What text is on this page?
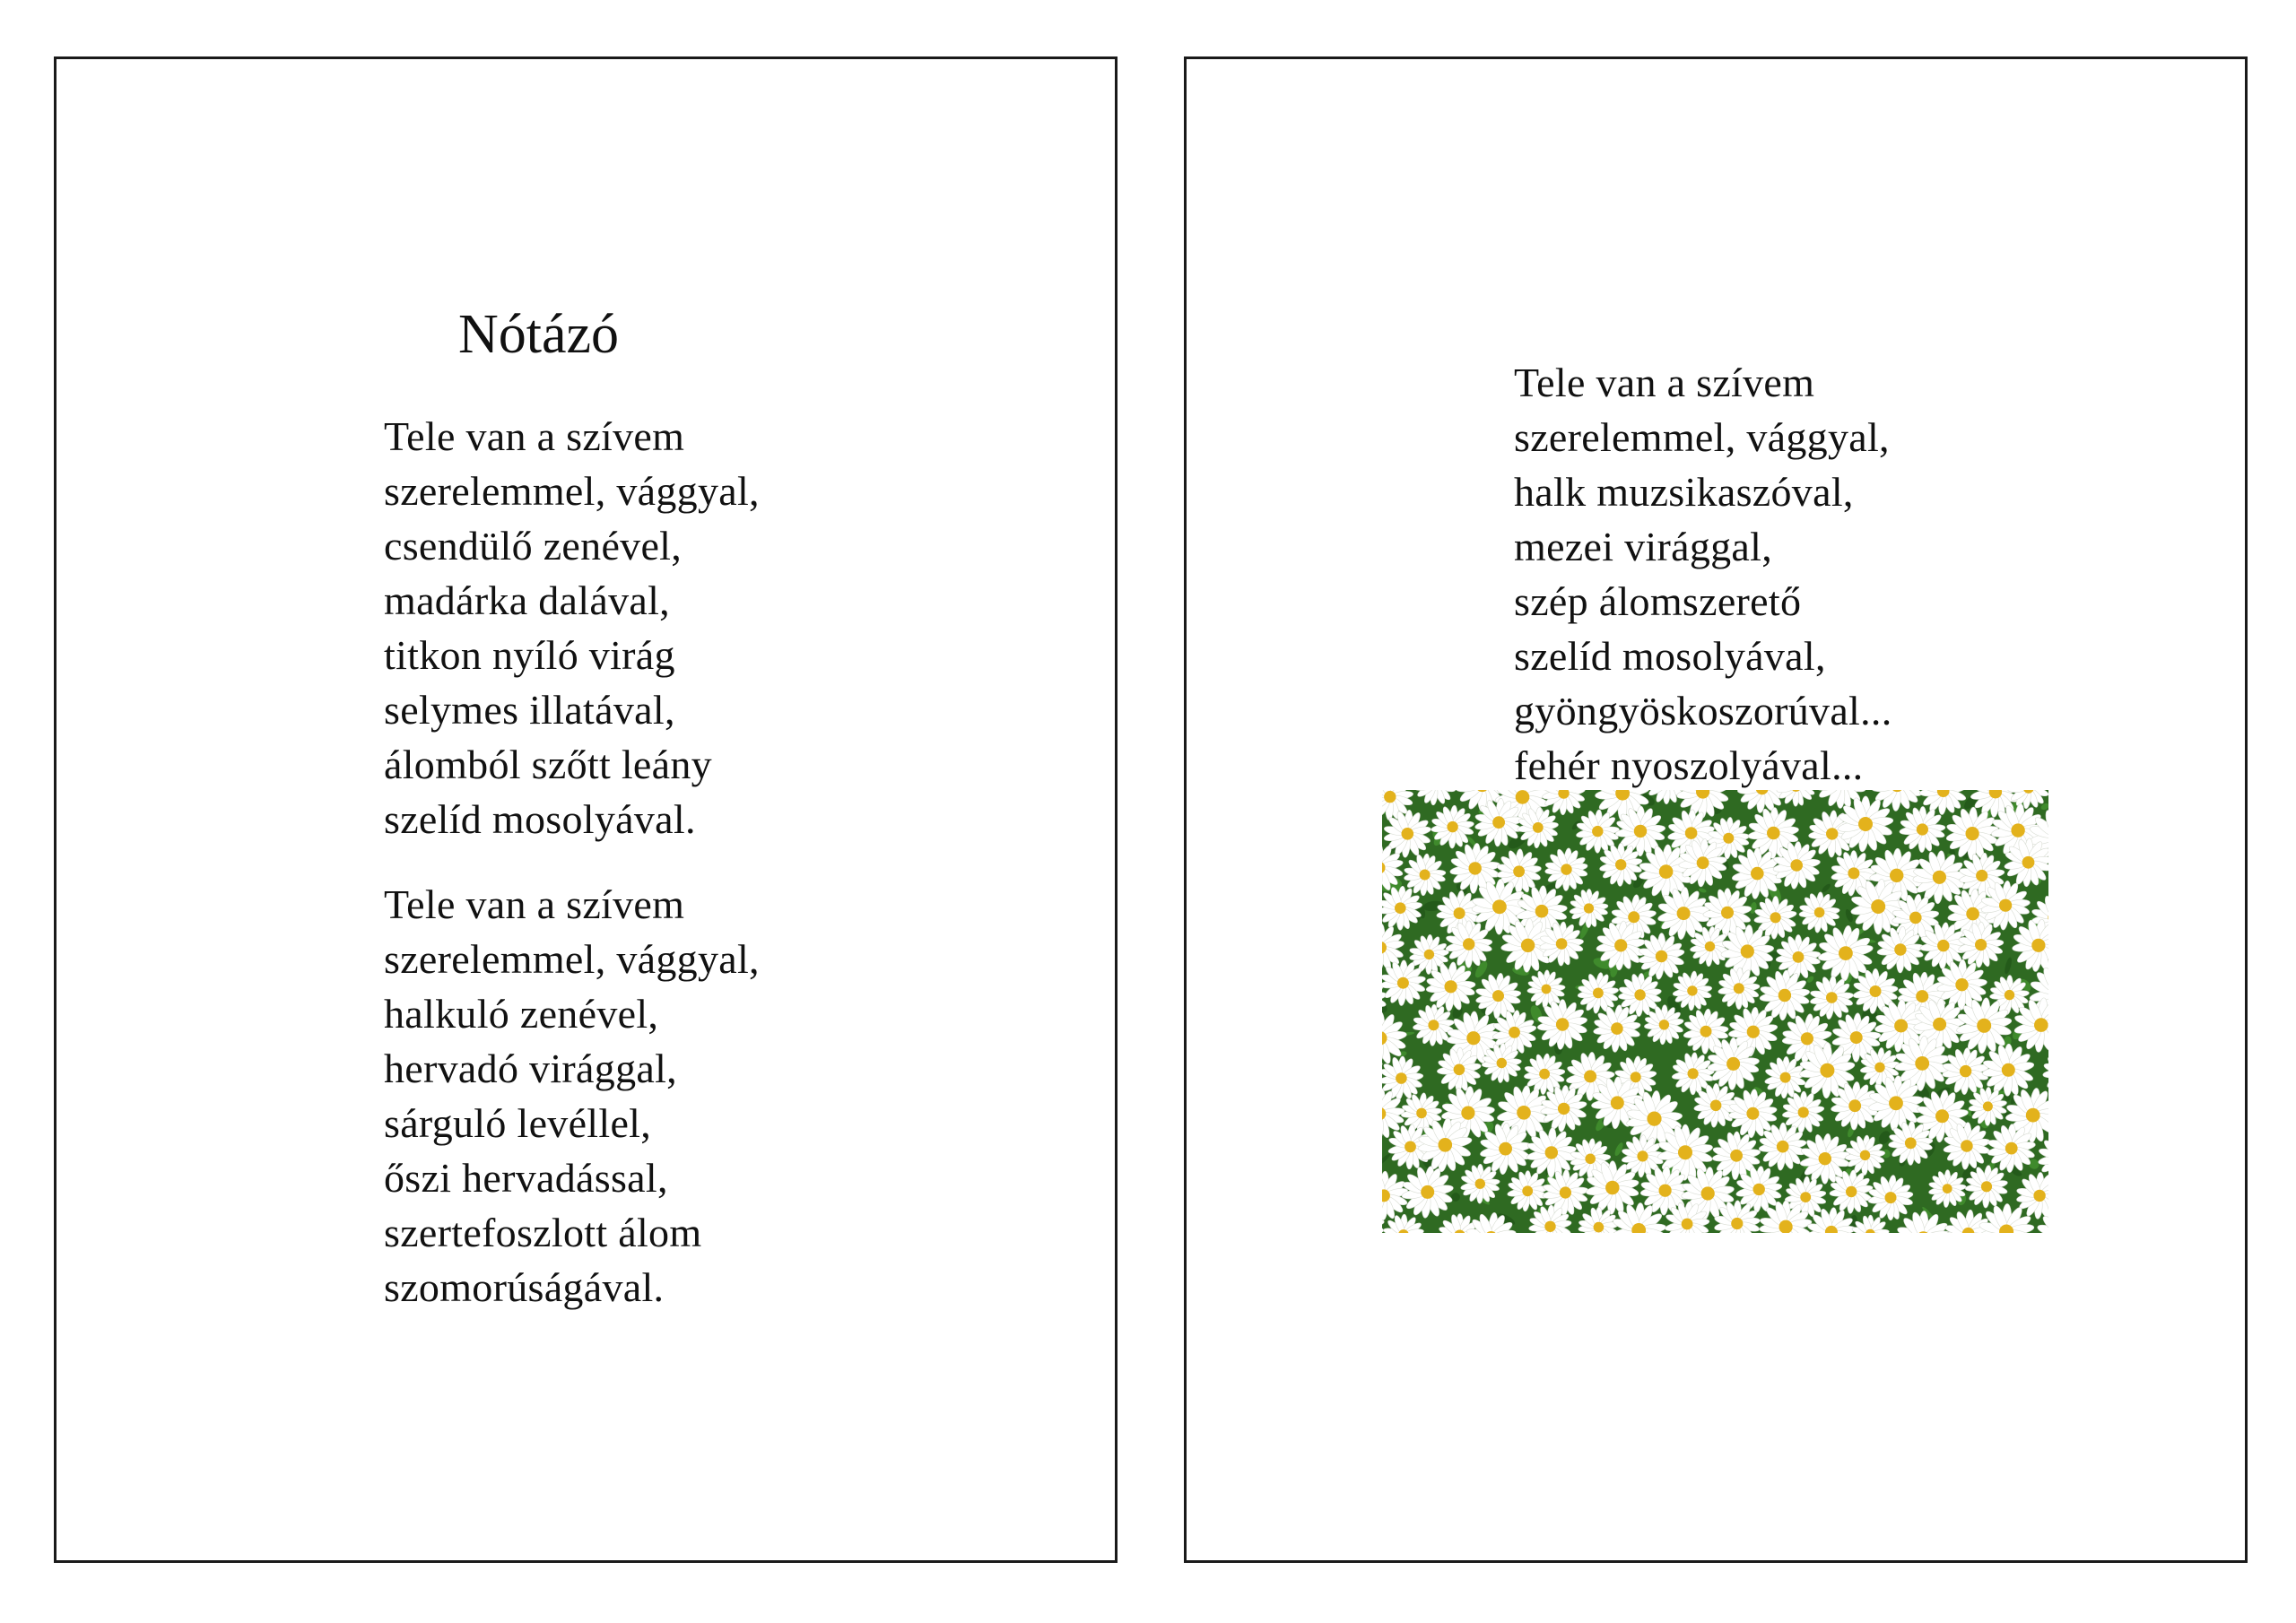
Nótázó
Tele van a szívem
szerelemmel, vággyal,
csendülő zenével,
madárka dalával,
titkon nyíló virág
selymes illatával,
álomból szőtt leány
szelíd mosolyával.
Tele van a szívem
szerelemmel, vággyal,
halkuló zenével,
hervadó virággal,
sárguló levéllel,
őszi hervadással,
szertefoszlott álom
szomorúságával.
Tele van a szívem
szerelemmel, vággyal,
halk muzsikaszóval,
mezei virággal,
szép álomszerető
szelíd mosolyával,
gyöngyöskoszorúval...
fehér nyoszolyával...
